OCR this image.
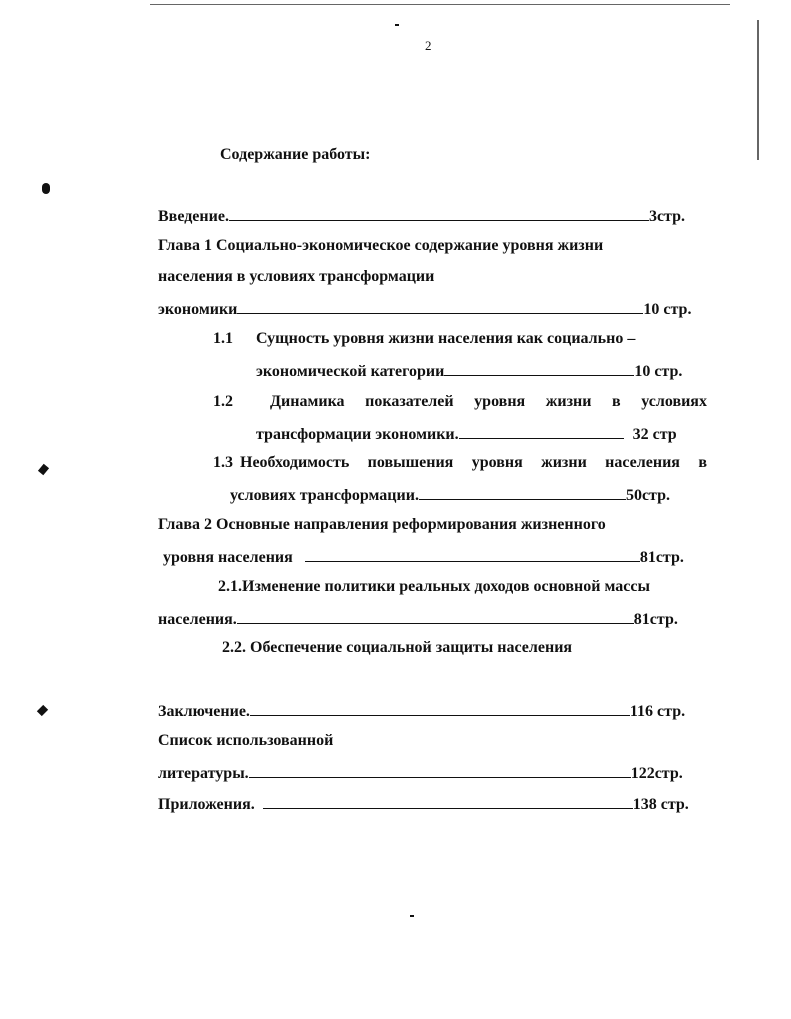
2
Содержание работы:
Введение.	3стр.
Глава 1 Социально-экономическое содержание уровня жизни
населения в условиях трансформации
экономики	10 стр.
1.1 Сущность уровня жизни населения как социально –
экономической категории	10 стр.
1.2 Динамика показателей уровня жизни в условиях
трансформации экономики.	32 стр
1.3 Необходимость повышения уровня жизни населения в
условиях трансформации.	50стр.
Глава 2 Основные направления реформирования жизненного
уровня населения	81стр.
2.1.Изменение политики реальных доходов основной массы
населения.	81стр.
2.2. Обеспечение социальной защиты населения
Заключение.	116 стр.
Список использованной
литературы.	122стр.
Приложения.	138 стр.
